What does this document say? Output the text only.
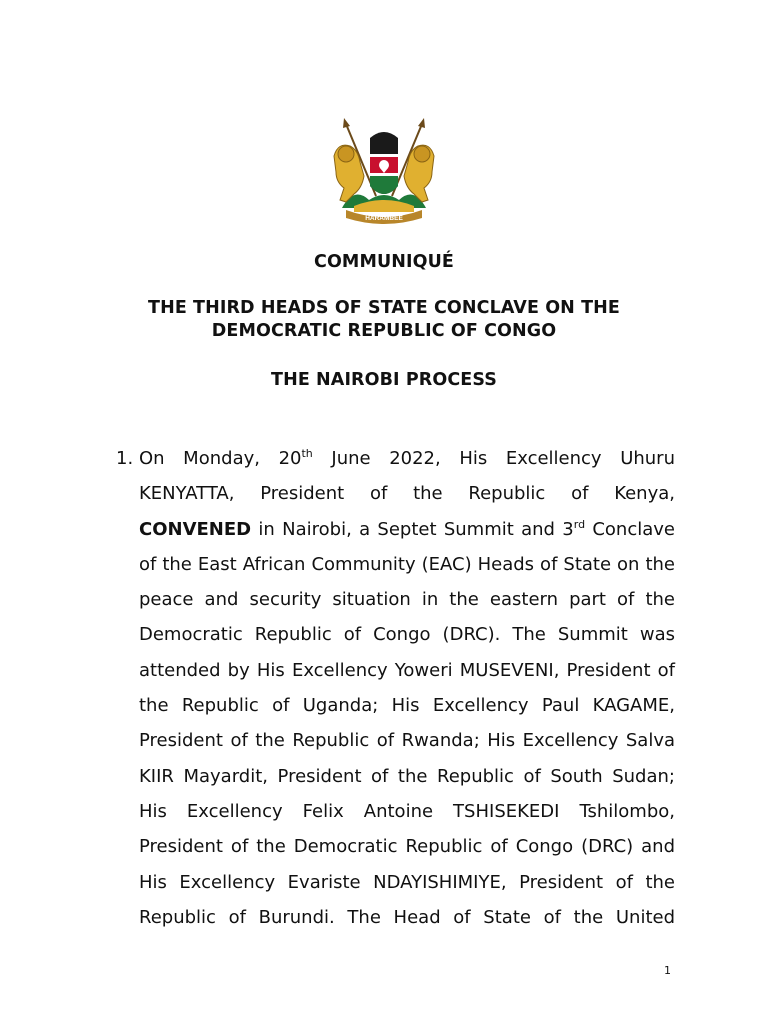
HARAMBEE
COMMUNIQUÉ
THE THIRD HEADS OF STATE CONCLAVE ON THE
DEMOCRATIC REPUBLIC OF CONGO
THE NAIROBI PROCESS
1. On Monday, 20th June 2022, His Excellency Uhuru
KENYATTA, President of the Republic of Kenya,
CONVENED in Nairobi, a Septet Summit and 3rd Conclave
of the East African Community (EAC) Heads of State on the
peace and security situation in the eastern part of the
Democratic Republic of Congo (DRC). The Summit was
attended by His Excellency Yoweri MUSEVENI, President of
the Republic of Uganda; His Excellency Paul KAGAME,
President of the Republic of Rwanda; His Excellency Salva
KIIR Mayardit, President of the Republic of South Sudan;
His Excellency Felix Antoine TSHISEKEDI Tshilombo,
President of the Democratic Republic of Congo (DRC) and
His Excellency Evariste NDAYISHIMIYE, President of the
Republic of Burundi. The Head of State of the United
1
